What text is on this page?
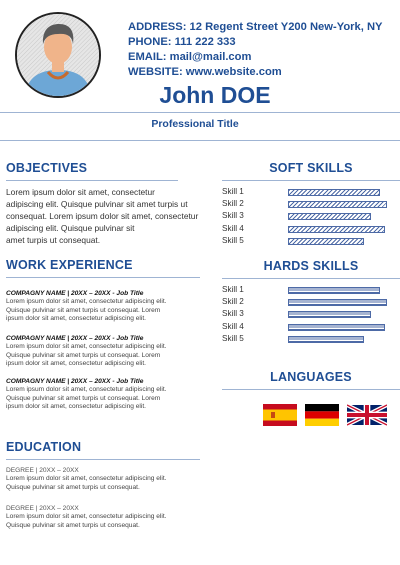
ADDRESS: 12 Regent Street Y200 New-York, NY
PHONE: 111 222 333
EMAIL: mail@mail.com
WEBSITE: www.website.com
John DOE
Professional Title
OBJECTIVES
Lorem ipsum dolor sit amet, consectetur
adipiscing elit. Quisque pulvinar sit amet turpis ut
consequat. Lorem ipsum dolor sit amet, consectetur
adipiscing elit. Quisque pulvinar sit
amet turpis ut consequat.
WORK EXPERIENCE
COMPAGNY NAME | 20XX – 20XX - Job Title
Lorem ipsum dolor sit amet, consectetur adipiscing elit.
Quisque pulvinar sit amet turpis ut consequat. Lorem
ipsum dolor sit amet, consectetur adipiscing elit.
COMPAGNY NAME | 20XX – 20XX - Job Title
Lorem ipsum dolor sit amet, consectetur adipiscing elit.
Quisque pulvinar sit amet turpis ut consequat. Lorem
ipsum dolor sit amet, consectetur adipiscing elit.
COMPAGNY NAME | 20XX – 20XX - Job Title
Lorem ipsum dolor sit amet, consectetur adipiscing elit.
Quisque pulvinar sit amet turpis ut consequat. Lorem
ipsum dolor sit amet, consectetur adipiscing elit.
EDUCATION
DEGREE | 20XX – 20XX
Lorem ipsum dolor sit amet, consectetur adipiscing elit.
Quisque pulvinar sit amet turpis ut consequat.
DEGREE | 20XX – 20XX
Lorem ipsum dolor sit amet, consectetur adipiscing elit.
Quisque pulvinar sit amet turpis ut consequat.
SOFT SKILLS
Skill 1
Skill 2
Skill 3
Skill 4
Skill 5
HARDS SKILLS
Skill 1
Skill 2
Skill 3
Skill 4
Skill 5
LANGUAGES
